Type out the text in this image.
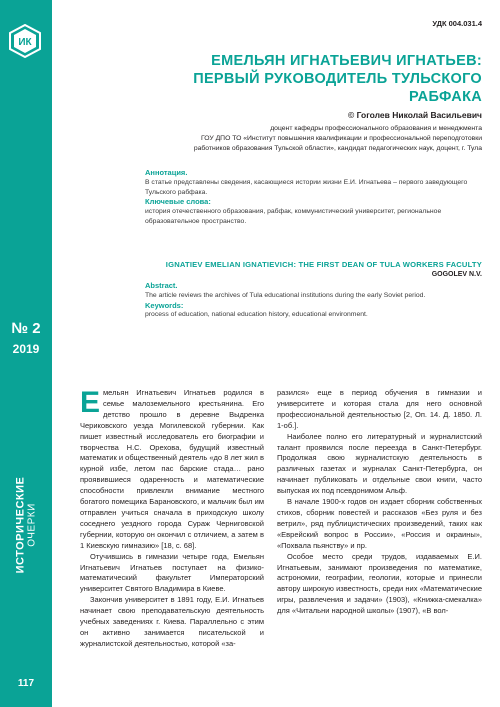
ИК
№ 2
2019
ИСТОРИЧЕСКИЕ ОЧЕРКИ
117
УДК 004.031.4
ЕМЕЛЬЯН ИГНАТЬЕВИЧ ИГНАТЬЕВ:
ПЕРВЫЙ РУКОВОДИТЕЛЬ ТУЛЬСКОГО РАБФАКА
© Гоголев Николай Васильевич
доцент кафедры профессионального образования и менеджмента
ГОУ ДПО ТО «Институт повышения квалификации и профессиональной переподготовки
работников образования Тульской области», кандидат педагогических наук, доцент, г. Тула
Аннотация.
В статье представлены сведения, касающиеся истории жизни Е.И. Игнатьева – первого заведующего Тульского рабфака.
Ключевые слова:
история отечественного образования, рабфак, коммунистический университет, региональное образовательное пространство.
IGNATIEV EMELIAN IGNATIEVICH: THE FIRST DEAN OF TULA WORKERS FACULTY
GOGOLEV N.V.
Abstract.
The article reviews the archives of Tula educational institutions during the early Soviet period.
Keywords:
process of education, national education history, educational environment.

Емельян Игнатьевич Игнатьев родился в семье малоземельного крестьянина. Его детство прошло в деревне Выдренка Чериковского уезда Могилевской губернии. Как пишет известный исследователь его биографии и творчества Н.С. Орехова, будущий известный математик и общественный деятель «до 8 лет жил в курной избе, летом пас барские стада… рано проявившиеся одаренность и математические способности привлекли внимание местного богатого помещика Барановского, и мальчик был им отправлен учиться сначала в приходскую школу соседнего уездного города Сураж Черниговской губернии, которую он окончил с отличием, а затем в 1 Киевскую гимназию» [18, с. 68].

Отучившись в гимназии четыре года, Емельян Игнатьевич Игнатьев поступает на физико-математический факультет Императорский университет Святого Владимира в Киеве.

Закончив университет в 1891 году, Е.И. Игнатьев начинает свою преподавательскую деятельность учебных заведениях г. Киева. Параллельно с этим он активно занимается писательской и журналистской деятельностью, которой «за-

разился» еще в период обучения в гимназии и университете и которая стала для него основной профессиональной деятельностью [2, Оп. 14. Д. 1850. Л. 1-об.].

Наиболее полно его литературный и журналистский талант проявился после переезда в Санкт-Петербург. Продолжая свою журналистскую деятельность в различных газетах и журналах Санкт-Петербурга, он начинает публиковать и отдельные свои книги, часто выпуская их под псевдонимом Альф.

В начале 1900-х годов он издает сборник собственных стихов, сборник повестей и рассказов «Без руля и без ветрил», ряд публицистических произведений, таких как «Еврейский вопрос в России», «Россия и окраины», «Похвала пьянству» и пр.

Особое место среди трудов, издаваемых Е.И. Игнатьевым, занимают произведения по математике, астрономии, географии, геологии, которые и принесли автору широкую известность, среди них «Математические игры, развлечения и задачи» (1903), «Книжка-смекалка» для «Читальни народной школы» (1907), «В вол-
